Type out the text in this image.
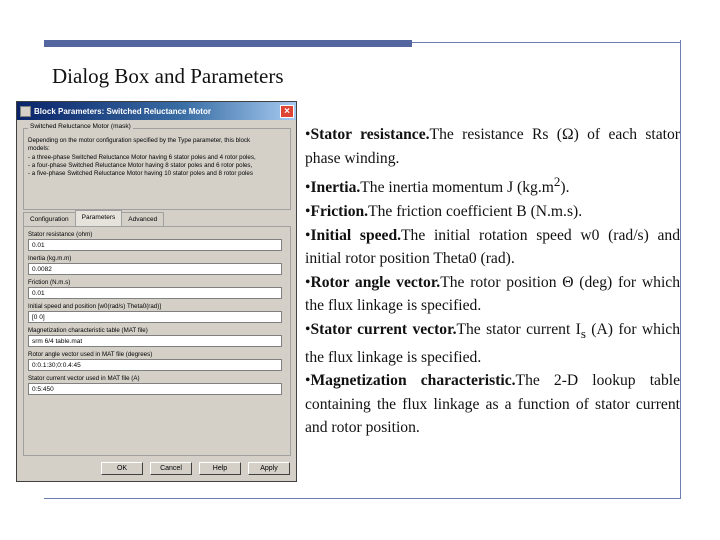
Dialog Box and Parameters
Block Parameters: Switched Reluctance Motor	×
Switched Reluctance Motor (mask)
Depending on the motor configuration specified by the Type parameter, this block
models:
- a three-phase Switched Reluctance Motor having 6 stator poles and 4 rotor poles,
- a four-phase Switched Reluctance Motor having 8 stator poles and 6 rotor poles,
- a five-phase Switched Reluctance Motor having 10 stator poles and 8 rotor poles
Configuration	Parameters	Advanced
Stator resistance (ohm)
0.01
Inertia (kg.m.m)
0.0082
Friction (N.m.s)
0.01
Initial speed and position [w0(rad/s) Theta0(rad)]
[0 0]
Magnetization characteristic table (MAT file)
srm 6/4 table.mat
Rotor angle vector used in MAT file (degrees)
0:0.1:30;0:0.4:45
Stator current vector used in MAT file (A)
0:5:450
OK	Cancel	Help	Apply

•Stator resistance.The resistance Rs (Ω) of each stator phase winding.

•Inertia.The inertia momentum J $(kg.m^2)$.

•Friction.The friction coefficient B (N.m.s).

•Initial speed.The initial rotation speed w0 (rad/s) and initial rotor position Theta0 (rad).

•Rotor angle vector.The rotor position Θ (deg) for which the flux linkage is specified.

•Stator current vector.The stator current $I_s$ (A) for which the flux linkage is specified.

•Magnetization characteristic.The 2-D lookup table containing the flux linkage as a function of stator current and rotor position.
